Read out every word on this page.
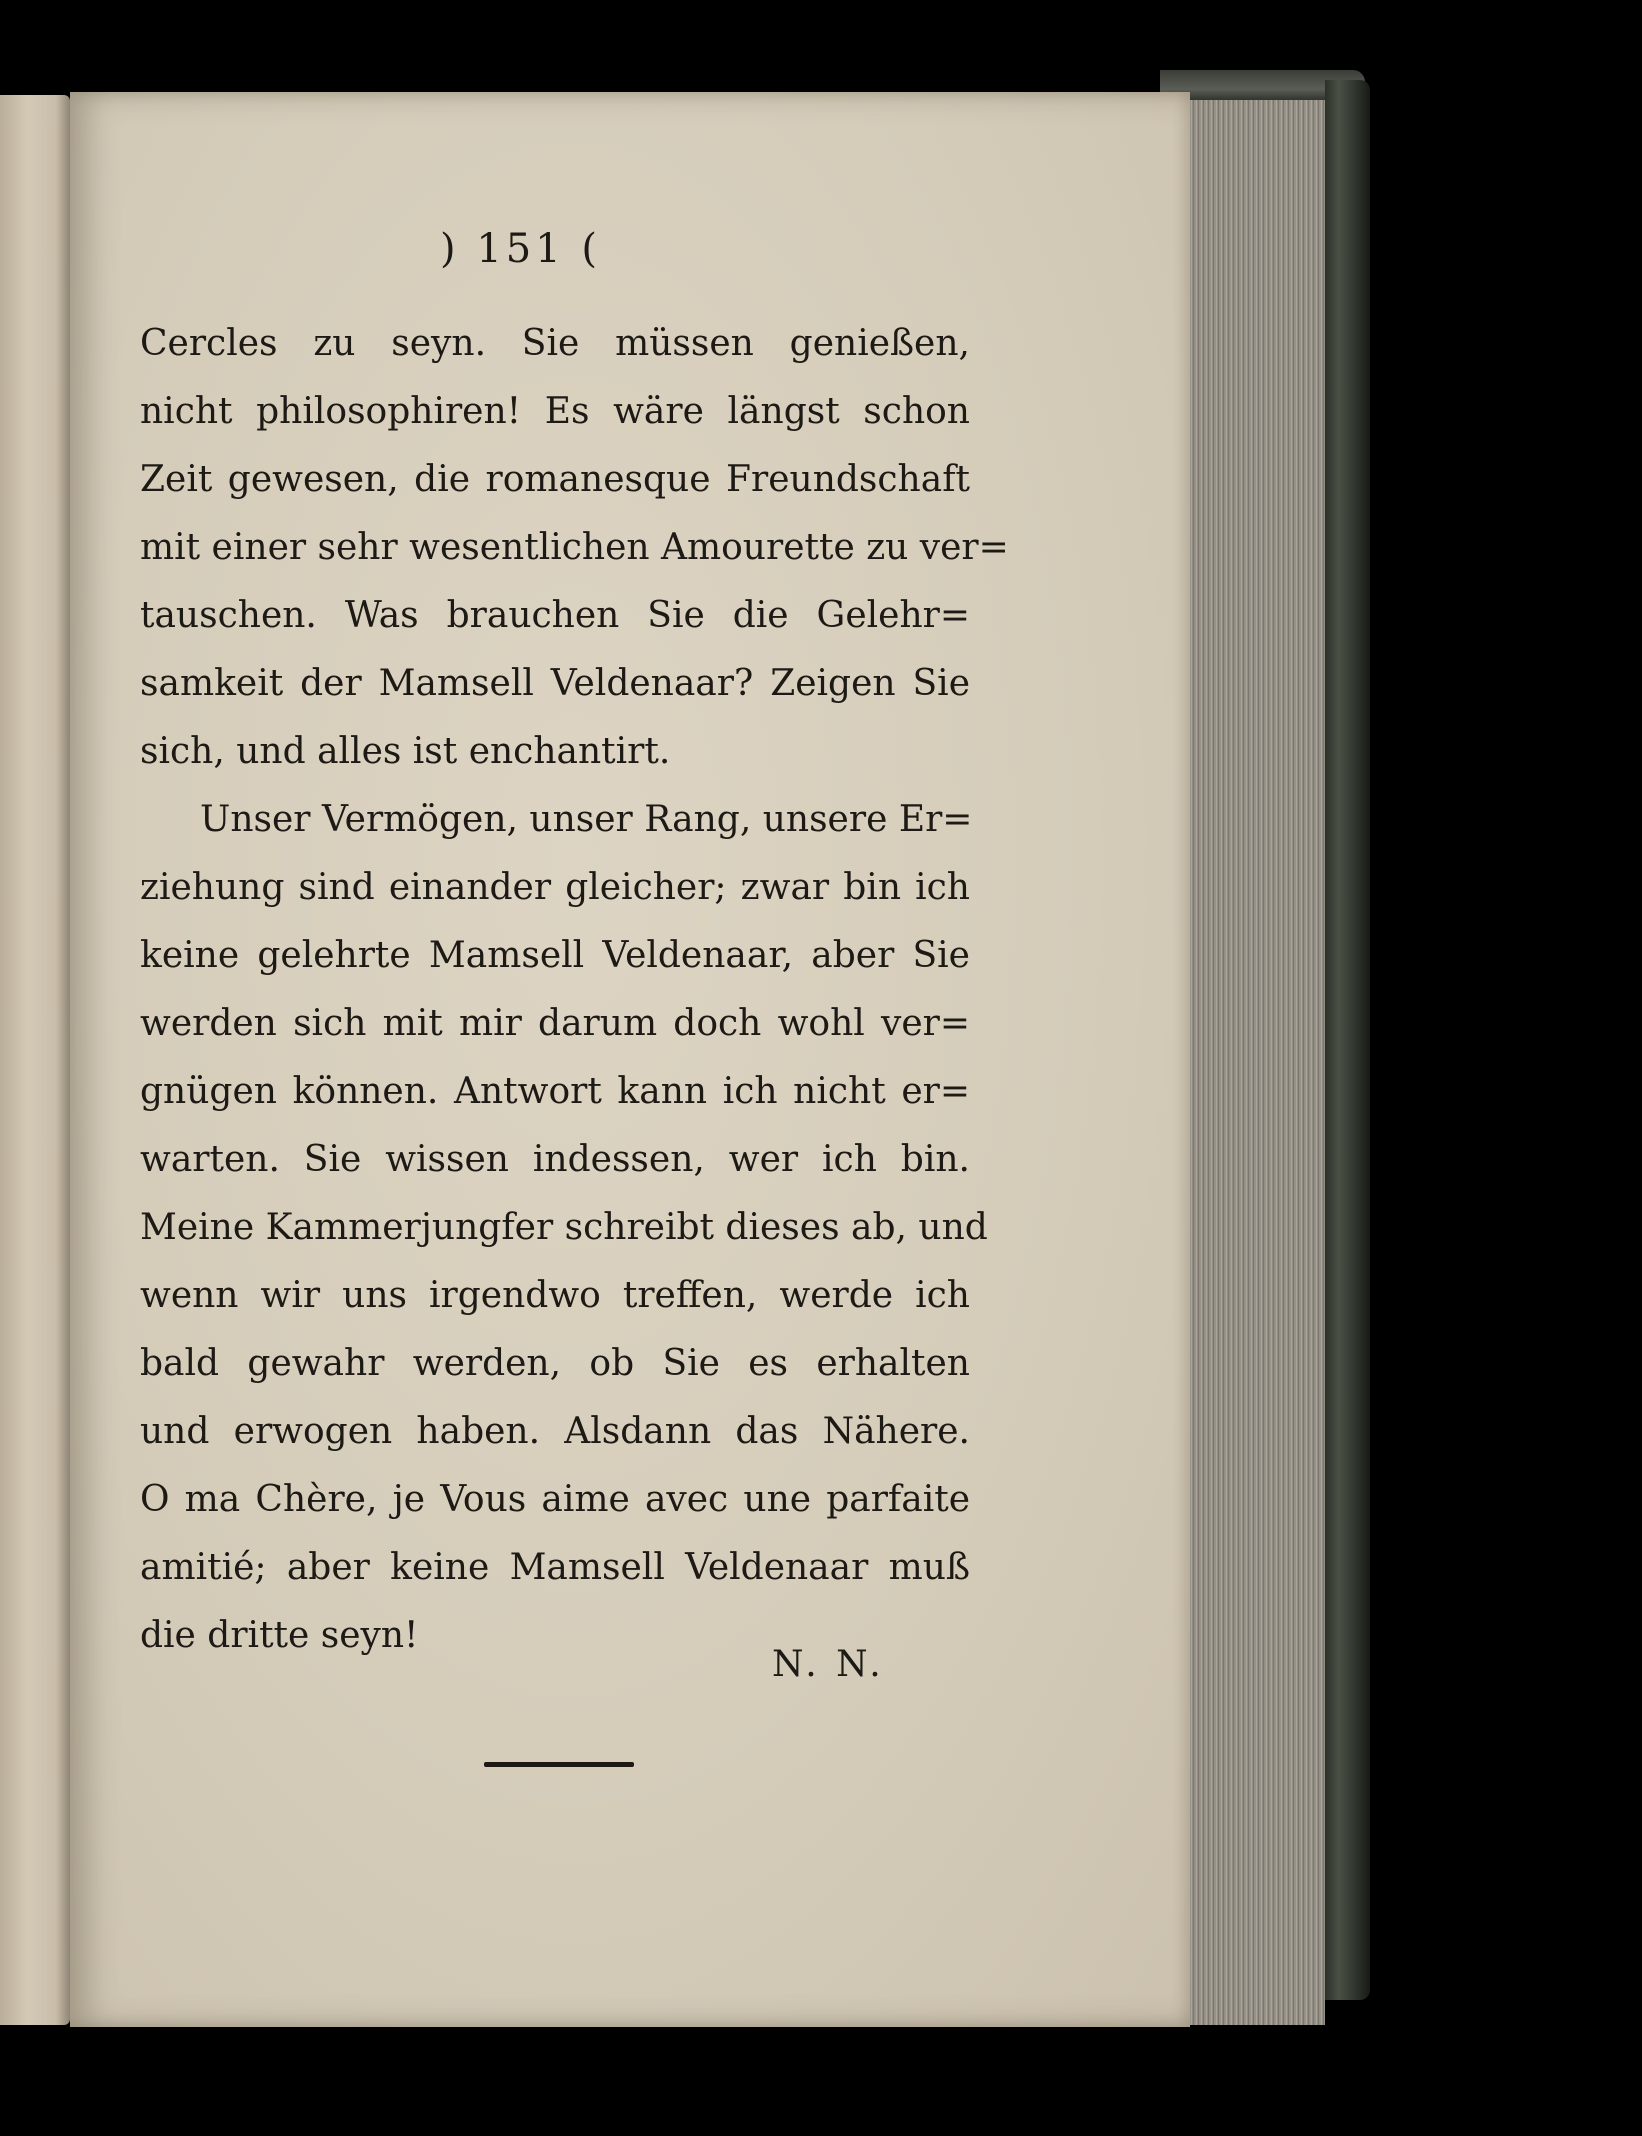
) 151 (
Cercles zu seyn. Sie müssen genießen,
nicht philosophiren! Es wäre längst schon
Zeit gewesen, die romanesque Freundschaft
mit einer sehr wesentlichen Amourette zu ver=
tauschen. Was brauchen Sie die Gelehr=
samkeit der Mamsell Veldenaar? Zeigen Sie
sich, und alles ist enchantirt.
Unser Vermögen, unser Rang, unsere Er=
ziehung sind einander gleicher; zwar bin ich
keine gelehrte Mamsell Veldenaar, aber Sie
werden sich mit mir darum doch wohl ver=
gnügen können. Antwort kann ich nicht er=
warten. Sie wissen indessen, wer ich bin.
Meine Kammerjungfer schreibt dieses ab, und
wenn wir uns irgendwo treffen, werde ich
bald gewahr werden, ob Sie es erhalten
und erwogen haben. Alsdann das Nähere.
O ma Chère, je Vous aime avec une parfaite
amitié; aber keine Mamsell Veldenaar muß
die dritte seyn!
N. N.
